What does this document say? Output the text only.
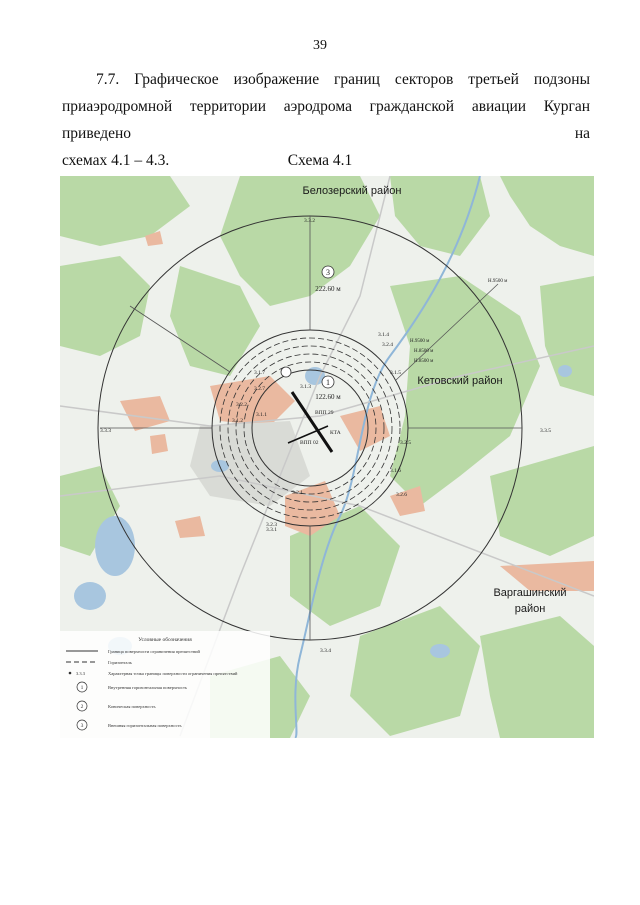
39
7.7. Графическое изображение границ секторов третьей подзоны
приаэродромной территории аэродрома гражданской авиации Курган приведено на
схемах 4.1 – 4.3.	Схема 4.1
3
222.60 м
1
122.60 м
ВПП 29
ВПП 02
КТА
3.3.2
3.3.3	3.3.5
3.3.4
3.3.1
3.1.4
3.1.5
3.1.6
3.1.2
3.2.1
3.2.2
3.1.3
3.1.7
3.2.5
3.2.6
3.2.7
3.2.3
3.2.4
3.1.1
Н.9500 м
Н.8500 м
Н.8500 м
Н.9500 м
Белозерский район
Кетовский район
Варгашинский
район
Условные обозначения
Граница поверхности ограничения препятствий
Горизонталь
3.3.3	Характерная точка границы поверхности ограничения препятствий
1	Внутренняя горизонтальная поверхность
2	Коническая поверхность
3	Внешняя горизонтальная поверхность
